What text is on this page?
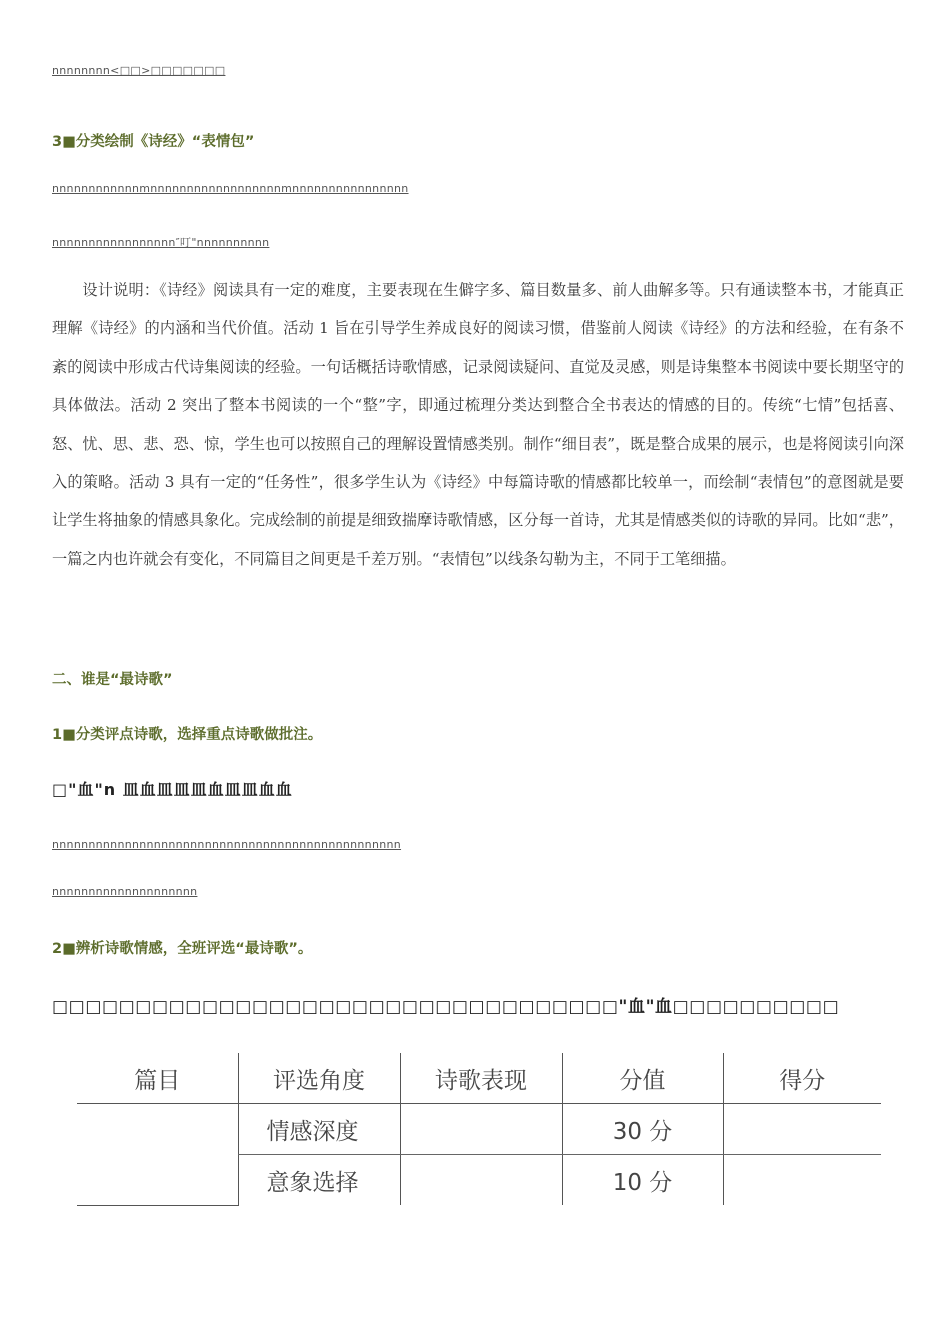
nnnnnnnn<□□>□□□□□□□
3■分类绘制《诗经》“表情包”
nnnnnnnnnnnnmnnnnnnnnnnnnnnnnnnmnnnnnnnnnnnnnnnn
nnnnnnnnnnnnnnnnn″叮"nnnnnnnnnn

设计说明：《诗经》阅读具有一定的难度，主要表现在生僻字多、篇目数量多、前人曲解多等。只有通读整本书，才能真正理解《诗经》的内涵和当代价值。活动 1 旨在引导学生养成良好的阅读习惯，借鉴前人阅读《诗经》的方法和经验，在有条不紊的阅读中形成古代诗集阅读的经验。一句话概括诗歌情感，记录阅读疑问、直觉及灵感，则是诗集整本书阅读中要长期坚守的具体做法。活动 2 突出了整本书阅读的一个“整”字，即通过梳理分类达到整合全书表达的情感的目的。传统“七情”包括喜、怒、忧、思、悲、恐、惊，学生也可以按照自己的理解设置情感类别。制作“细目表”，既是整合成果的展示，也是将阅读引向深入的策略。活动 3 具有一定的“任务性”，很多学生认为《诗经》中每篇诗歌的情感都比较单一，而绘制“表情包”的意图就是要让学生将抽象的情感具象化。完成绘制的前提是细致揣摩诗歌情感，区分每一首诗，尤其是情感类似的诗歌的异同。比如“悲”，一篇之内也许就会有变化，不同篇目之间更是千差万别。“表情包”以线条勾勒为主，不同于工笔细描。

二、谁是“最诗歌”
1■分类评点诗歌，选择重点诗歌做批注。
□"血"n 皿血皿皿皿血皿皿血血
nnnnnnnnnnnnnnnnnnnnnnnnnnnnnnnnnnnnnnnnnnnnnnnn
nnnnnnnnnnnnnnnnnnnn
2■辨析诗歌情感，全班评选“最诗歌”。
□□□□□□□□□□□□□□□□□□□□□□□□□□□□□□□□□□"血"血□□□□□□□□□□
篇目	评选角度	诗歌表现	分值	得分
	情感深度		30 分	
	意象选择		10 分	
